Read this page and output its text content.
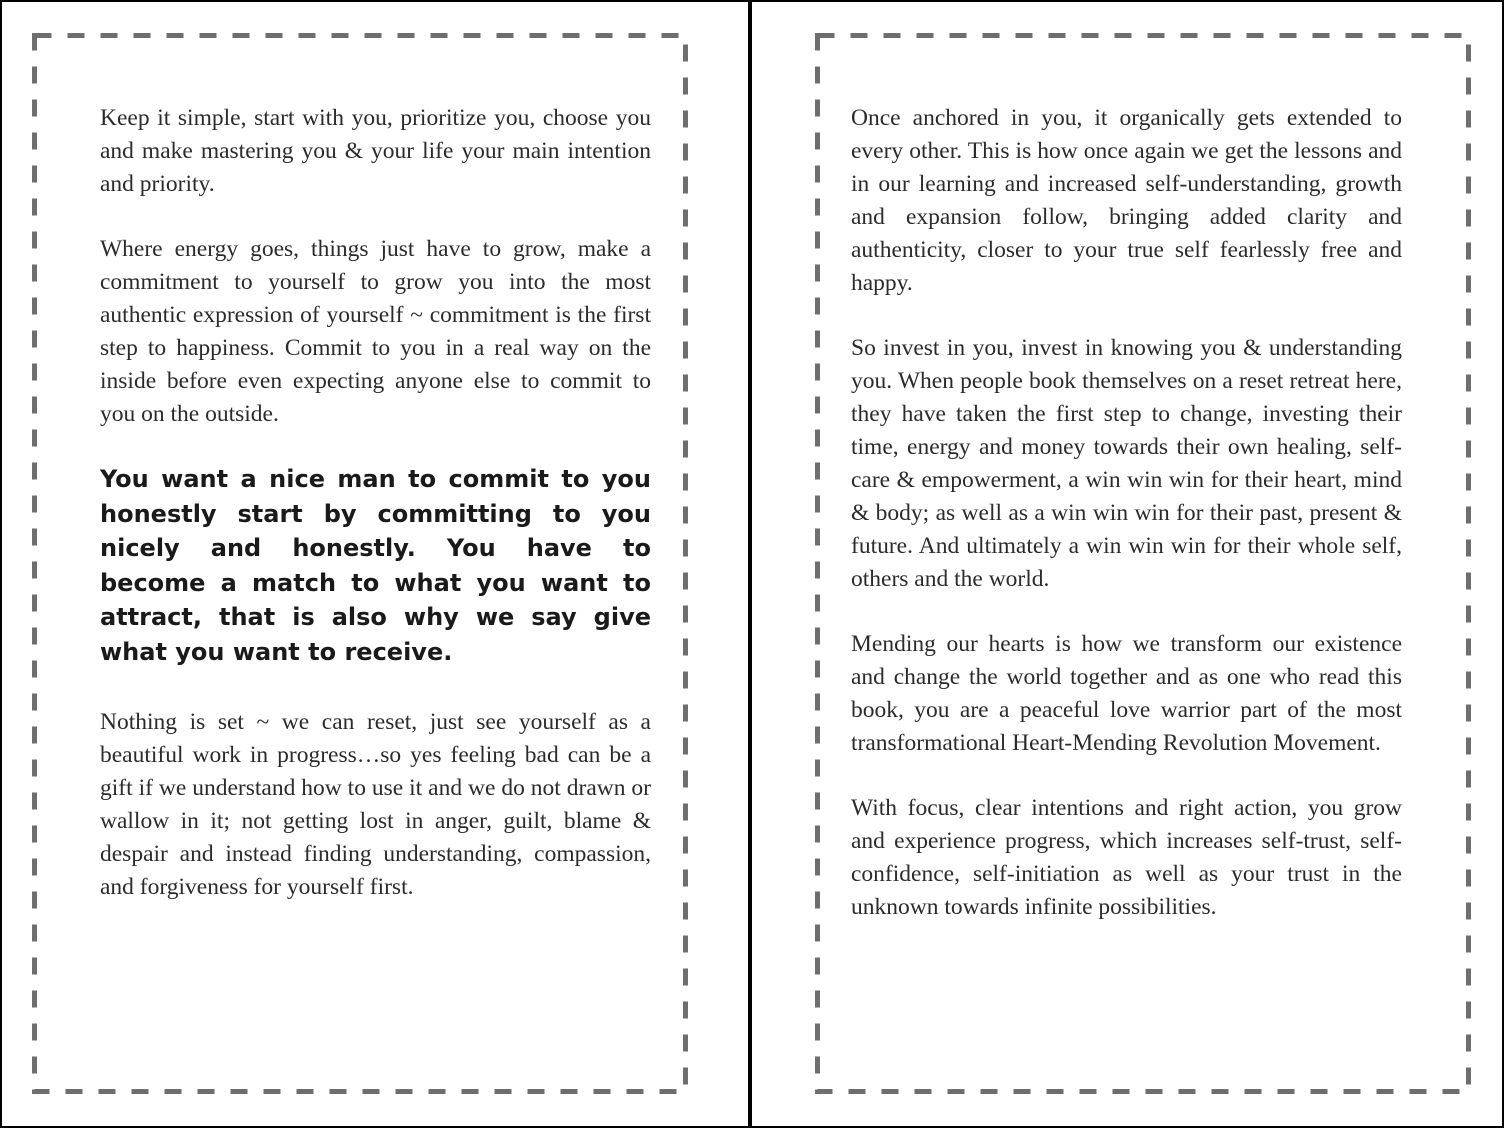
Keep it simple, start with you, prioritize you, choose you and make mastering you & your life your main intention and priority.

Where energy goes, things just have to grow, make a commitment to yourself to grow you into the most authentic expression of yourself ~ commitment is the first step to happiness. Commit to you in a real way on the inside before even expecting anyone else to commit to you on the outside.

You want a nice man to commit to you honestly start by committing to you nicely and honestly. You have to become a match to what you want to attract, that is also why we say give what you want to receive.

Nothing is set ~ we can reset, just see yourself as a beautiful work in progress…so yes feeling bad can be a gift if we understand how to use it and we do not drawn or wallow in it; not getting lost in anger, guilt, blame & despair and instead finding understanding, compassion, and forgiveness for yourself first.

Once anchored in you, it organically gets extended to every other. This is how once again we get the lessons and in our learning and increased self-understanding, growth and expansion follow, bringing added clarity and authenticity, closer to your true self fearlessly free and happy.

So invest in you, invest in knowing you & understanding you. When people book themselves on a reset retreat here, they have taken the first step to change, investing their time, energy and money towards their own healing, self-care & empowerment, a win win win for their heart, mind & body; as well as a win win win for their past, present & future. And ultimately a win win win for their whole self, others and the world.

Mending our hearts is how we transform our existence and change the world together and as one who read this book, you are a peaceful love warrior part of the most transformational Heart-Mending Revolution Movement.

With focus, clear intentions and right action, you grow and experience progress, which increases self-trust, self-confidence, self-initiation as well as your trust in the unknown towards infinite possibilities.
